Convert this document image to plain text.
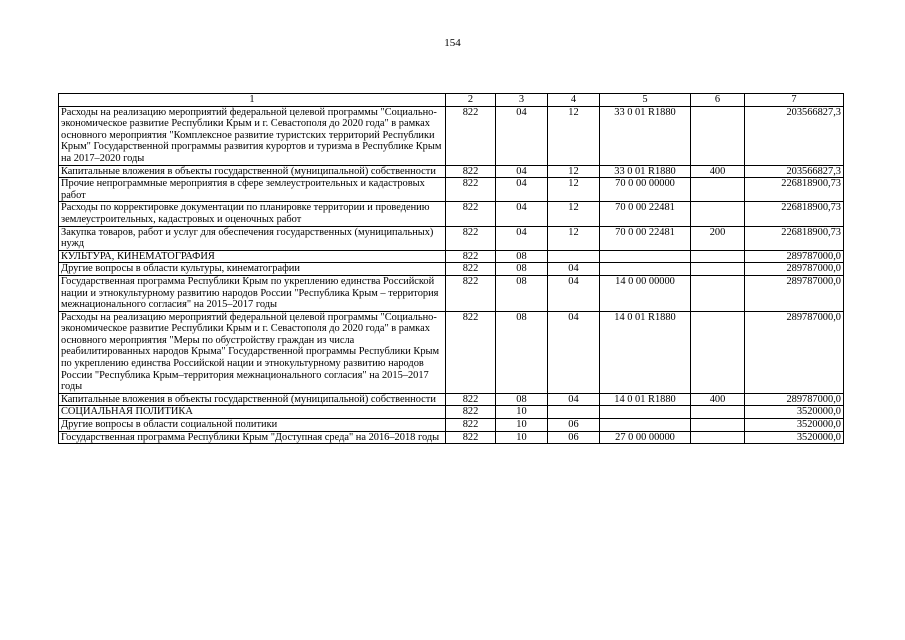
154
1	2	3	4	5	6	7
Расходы на реализацию мероприятий федеральной целевой программы "Социально-экономическое развитие Республики Крым и г. Севастополя до 2020 года" в рамках основного мероприятия "Комплексное развитие туристских территорий Республики Крым" Государственной программы развития курортов и туризма в Республике Крым на 2017–2020 годы	822	04	12	33 0 01 R1880		203566827,3
Капитальные вложения в объекты государственной (муниципальной) собственности	822	04	12	33 0 01 R1880	400	203566827,3
Прочие непрограммные мероприятия в сфере землеустроительных и кадастровых работ	822	04	12	70 0 00 00000		226818900,73
Расходы по корректировке документации по планировке территории и проведению землеустроительных, кадастровых и оценочных работ	822	04	12	70 0 00 22481		226818900,73
Закупка товаров, работ и услуг для обеспечения государственных (муниципальных) нужд	822	04	12	70 0 00 22481	200	226818900,73
КУЛЬТУРА, КИНЕМАТОГРАФИЯ	822	08				289787000,0
Другие вопросы в области культуры, кинематографии	822	08	04			289787000,0
Государственная программа Республики Крым по укреплению единства Российской нации и этнокультурному развитию народов России "Республика Крым – территория межнационального согласия" на 2015–2017 годы	822	08	04	14 0 00 00000		289787000,0
Расходы на реализацию мероприятий федеральной целевой программы "Социально-экономическое развитие Республики Крым и г. Севастополя до 2020 года" в рамках основного мероприятия "Меры по обустройству граждан из числа реабилитированных народов Крыма" Государственной программы Республики Крым по укреплению единства Российской нации и этнокультурному развитию народов России "Республика Крым–территория межнационального согласия" на 2015–2017 годы	822	08	04	14 0 01 R1880		289787000,0
Капитальные вложения в объекты государственной (муниципальной) собственности	822	08	04	14 0 01 R1880	400	289787000,0
СОЦИАЛЬНАЯ ПОЛИТИКА	822	10				3520000,0
Другие вопросы в области социальной политики	822	10	06			3520000,0
Государственная программа Республики Крым "Доступная среда" на 2016–2018 годы	822	10	06	27 0 00 00000		3520000,0
